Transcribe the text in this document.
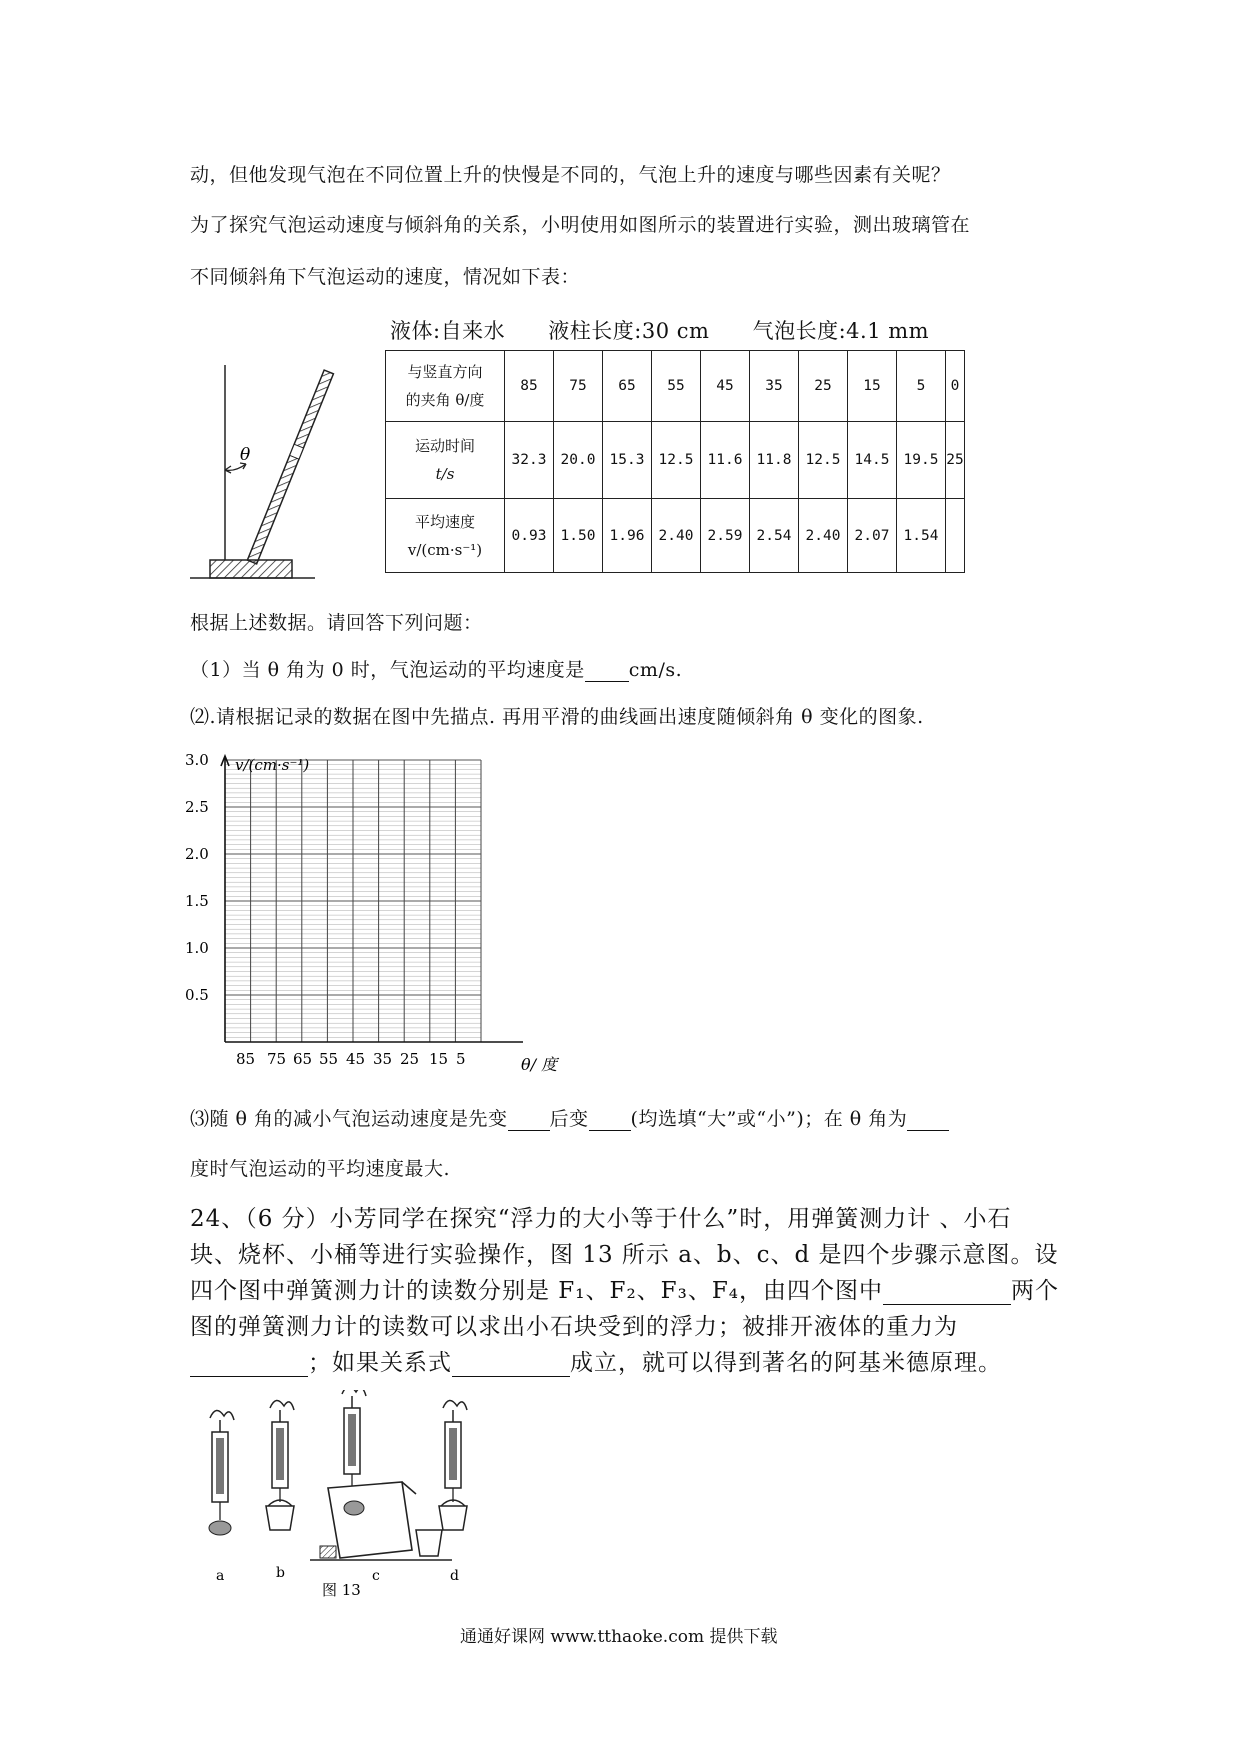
动，但他发现气泡在不同位置上升的快慢是不同的，气泡上升的速度与哪些因素有关呢？
为了探究气泡运动速度与倾斜角的关系，小明使用如图所示的装置进行实验，测出玻璃管在
不同倾斜角下气泡运动的速度，情况如下表：
液体:自来水 液柱长度:30 cm 气泡长度:4.1 mm
θ
与竖直方向
的夹角 θ/度	85	75	65	55	45	35	25	15	5	0

运动时间
t/s	32.3	20.0	15.3	12.5	11.6	11.8	12.5	14.5	19.5	25

平均速度
v/(cm·s⁻¹)	0.93	1.50	1.96	2.40	2.59	2.54	2.40	2.07	1.54	
根据上述数据。请回答下列问题：
（1）当 θ 角为 0 时，气泡运动的平均速度是 cm/s.
⑵.请根据记录的数据在图中先描点. 再用平滑的曲线画出速度随倾斜角 θ 变化的图象.
v/(cm·s⁻¹)
3.0
2.5
2.0
1.5
1.0
0.5
85 75 65 55 45 35 25 15 5	θ/ 度
⑶随 θ 角的减小气泡运动速度是先变 后变 (均选填“大”或“小”)；在 θ 角为
度时气泡运动的平均速度最大.
24、（6 分）小芳同学在探究“浮力的大小等于什么”时，用弹簧测力计 、小石
块、烧杯、小桶等进行实验操作，图 13 所示 a、b、c、d 是四个步骤示意图。设
四个图中弹簧测力计的读数分别是 F₁、F₂、F₃、F₄，由四个图中	两个
图的弹簧测力计的读数可以求出小石块受到的浮力；被排开液体的重力为
；如果关系式	成立，就可以得到著名的阿基米德原理。
a	b	c	d
图 13
通通好课网 www.tthaoke.com 提供下载
